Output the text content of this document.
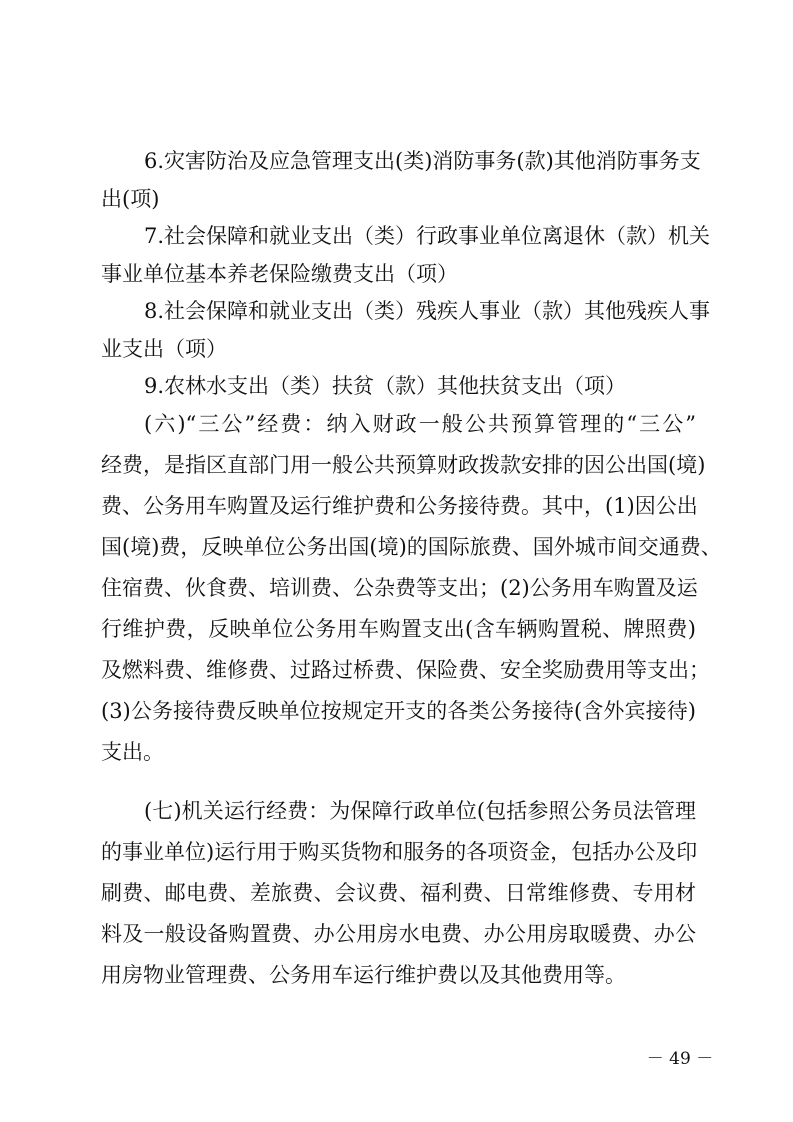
6.灾害防治及应急管理支出(类)消防事务(款)其他消防事务支
出(项)
7.社会保障和就业支出（类）行政事业单位离退休（款）机关
事业单位基本养老保险缴费支出（项）
8.社会保障和就业支出（类）残疾人事业（款）其他残疾人事
业支出（项）
9.农林水支出（类）扶贫（款）其他扶贫支出（项）
(六)“三公”经费：纳入财政一般公共预算管理的“三公”
经费，是指区直部门用一般公共预算财政拨款安排的因公出国(境)
费、公务用车购置及运行维护费和公务接待费。其中，(1)因公出
国(境)费，反映单位公务出国(境)的国际旅费、国外城市间交通费、
住宿费、伙食费、培训费、公杂费等支出；(2)公务用车购置及运
行维护费，反映单位公务用车购置支出(含车辆购置税、牌照费)
及燃料费、维修费、过路过桥费、保险费、安全奖励费用等支出；
(3)公务接待费反映单位按规定开支的各类公务接待(含外宾接待)
支出。
(七)机关运行经费：为保障行政单位(包括参照公务员法管理
的事业单位)运行用于购买货物和服务的各项资金，包括办公及印
刷费、邮电费、差旅费、会议费、福利费、日常维修费、专用材
料及一般设备购置费、办公用房水电费、办公用房取暖费、办公
用房物业管理费、公务用车运行维护费以及其他费用等。
－ 49 －
